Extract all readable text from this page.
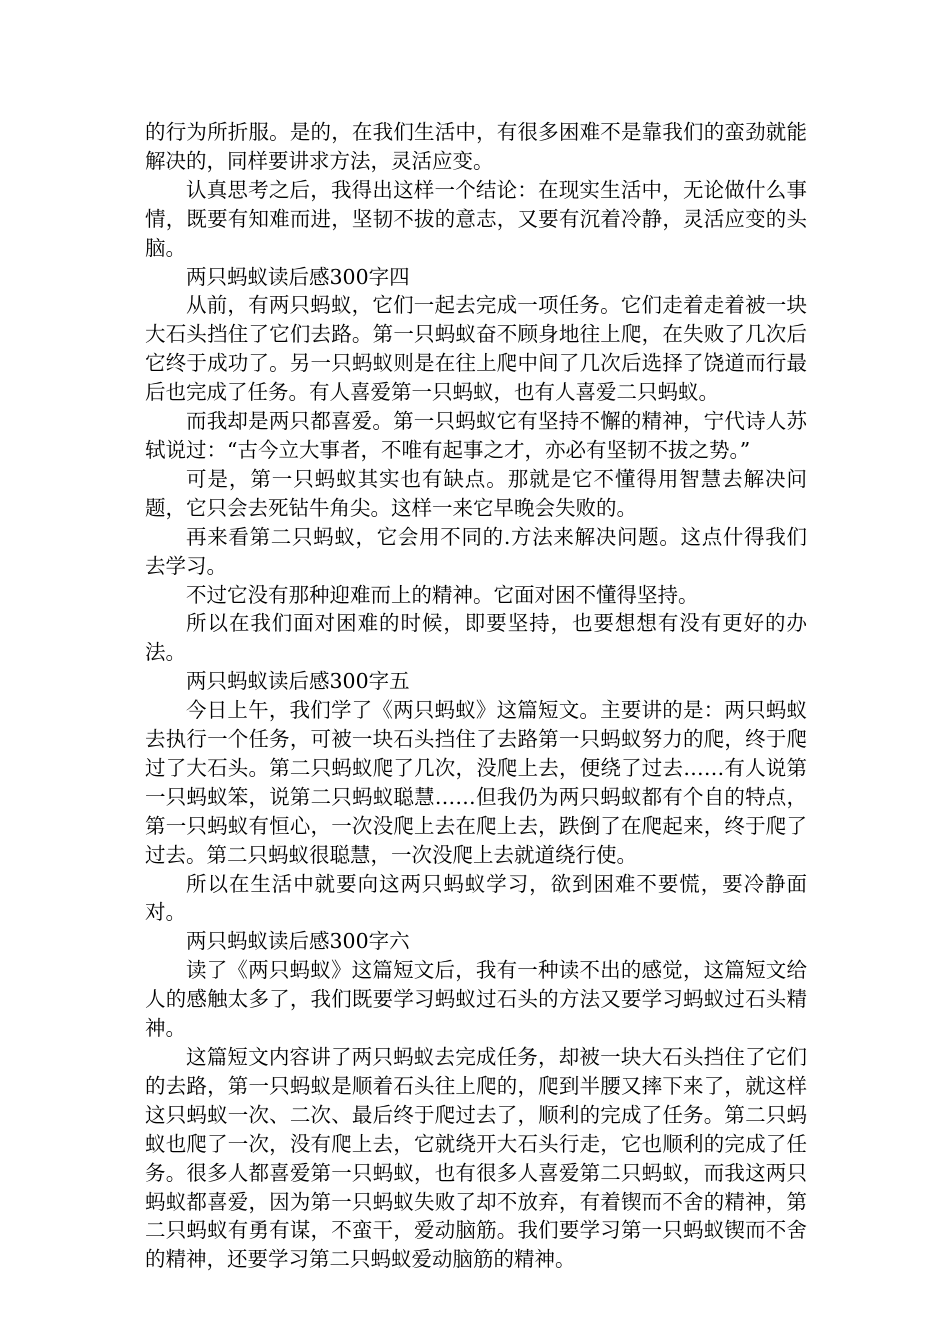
的行为所折服。是的，在我们生活中，有很多困难不是靠我们的蛮劲就能解决的，同样要讲求方法，灵活应变。

认真思考之后，我得出这样一个结论：在现实生活中，无论做什么事情，既要有知难而进，坚韧不拔的意志，又要有沉着冷静，灵活应变的头脑。

两只蚂蚁读后感300字四

从前，有两只蚂蚁，它们一起去完成一项任务。它们走着走着被一块大石头挡住了它们去路。第一只蚂蚁奋不顾身地往上爬，在失败了几次后它终于成功了。另一只蚂蚁则是在往上爬中间了几次后选择了饶道而行最后也完成了任务。有人喜爱第一只蚂蚁，也有人喜爱二只蚂蚁。

而我却是两只都喜爱。第一只蚂蚁它有坚持不懈的精神，宁代诗人苏轼说过：“古今立大事者，不唯有起事之才，亦必有坚韧不拔之势。”

可是，第一只蚂蚁其实也有缺点。那就是它不懂得用智慧去解决问题，它只会去死钻牛角尖。这样一来它早晚会失败的。

再来看第二只蚂蚁，它会用不同的.方法来解决问题。这点什得我们去学习。

不过它没有那种迎难而上的精神。它面对困不懂得坚持。

所以在我们面对困难的时候，即要坚持，也要想想有没有更好的办法。

两只蚂蚁读后感300字五

今日上午，我们学了《两只蚂蚁》这篇短文。主要讲的是：两只蚂蚁去执行一个任务，可被一块石头挡住了去路第一只蚂蚁努力的爬，终于爬过了大石头。第二只蚂蚁爬了几次，没爬上去，便绕了过去……有人说第一只蚂蚁笨，说第二只蚂蚁聪慧……但我仍为两只蚂蚁都有个自的特点，第一只蚂蚁有恒心，一次没爬上去在爬上去，跌倒了在爬起来，终于爬了过去。第二只蚂蚁很聪慧，一次没爬上去就道绕行使。

所以在生活中就要向这两只蚂蚁学习，欲到困难不要慌，要冷静面对。

两只蚂蚁读后感300字六

读了《两只蚂蚁》这篇短文后，我有一种读不出的感觉，这篇短文给人的感触太多了，我们既要学习蚂蚁过石头的方法又要学习蚂蚁过石头精神。

这篇短文内容讲了两只蚂蚁去完成任务，却被一块大石头挡住了它们的去路，第一只蚂蚁是顺着石头往上爬的，爬到半腰又摔下来了，就这样这只蚂蚁一次、二次、最后终于爬过去了，顺利的完成了任务。第二只蚂蚁也爬了一次，没有爬上去，它就绕开大石头行走，它也顺利的完成了任务。很多人都喜爱第一只蚂蚁，也有很多人喜爱第二只蚂蚁，而我这两只蚂蚁都喜爱，因为第一只蚂蚁失败了却不放弃，有着锲而不舍的精神，第二只蚂蚁有勇有谋，不蛮干，爱动脑筋。我们要学习第一只蚂蚁锲而不舍的精神，还要学习第二只蚂蚁爱动脑筋的精神。
